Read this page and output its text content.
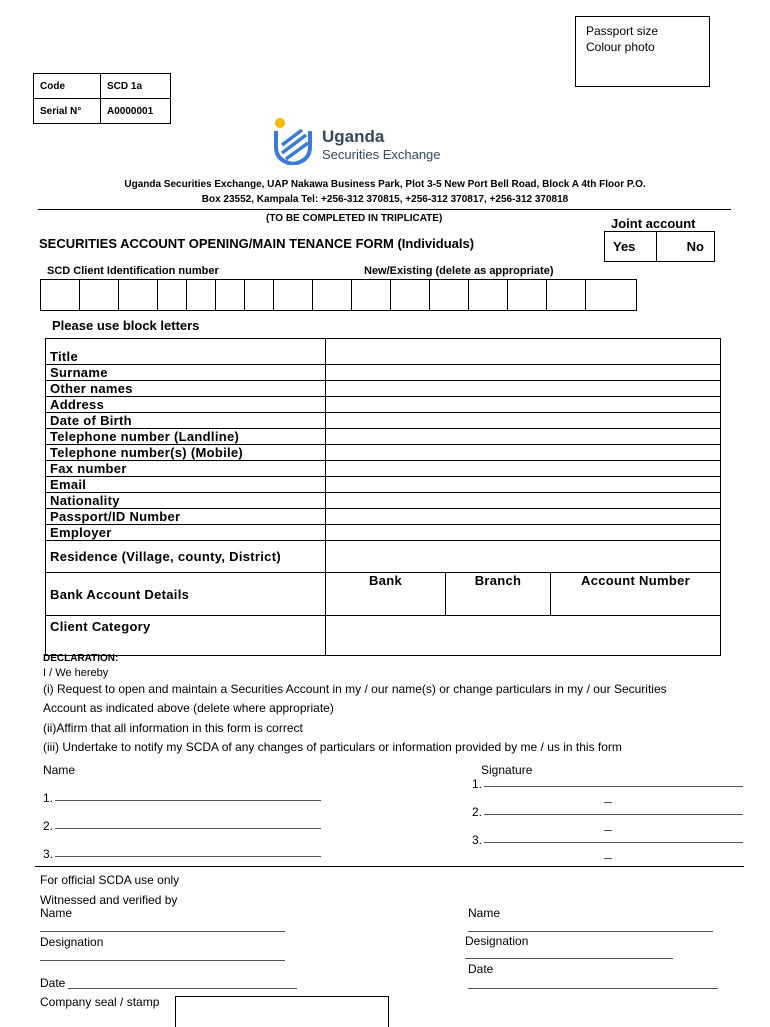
Passport size
Colour photo
Code	SCD 1a
Serial N°	A0000001
Uganda
Securities Exchange
Uganda Securities Exchange, UAP Nakawa Business Park, Plot 3-5 New Port Bell Road, Block A 4th Floor P.O.
Box 23552, Kampala Tel: +256-312 370815, +256-312 370817, +256-312 370818
(TO BE COMPLETED IN TRIPLICATE)	Joint account
Yes	No
SECURITIES ACCOUNT OPENING/MAIN TENANCE FORM (Individuals)
SCD Client Identification number	New/Existing (delete as appropriate)
Please use block letters
Title			
Surname			
Other names			
Address			
Date of Birth			
Telephone number (Landline)			
Telephone number(s) (Mobile)			
Fax number			
Email			
Nationality			
Passport/ID Number			
Employer			
Residence (Village, county, District)			
Bank Account Details	Bank	Branch	Account Number
Client Category			
DECLARATION:
I / We hereby
(i) Request to open and maintain a Securities Account in my / our name(s) or change particulars in my / our Securities
Account as indicated above (delete where appropriate)
(ii)Affirm that all information in this form is correct
(iii) Undertake to notify my SCDA of any changes of particulars or information provided by me / us in this form
Name	Signature
1.
2.
3.
1.
2.
3.
For official SCDA use only
Witnessed and verified by
Name
Designation
Date
Company seal / stamp
Name
Designation
Date
